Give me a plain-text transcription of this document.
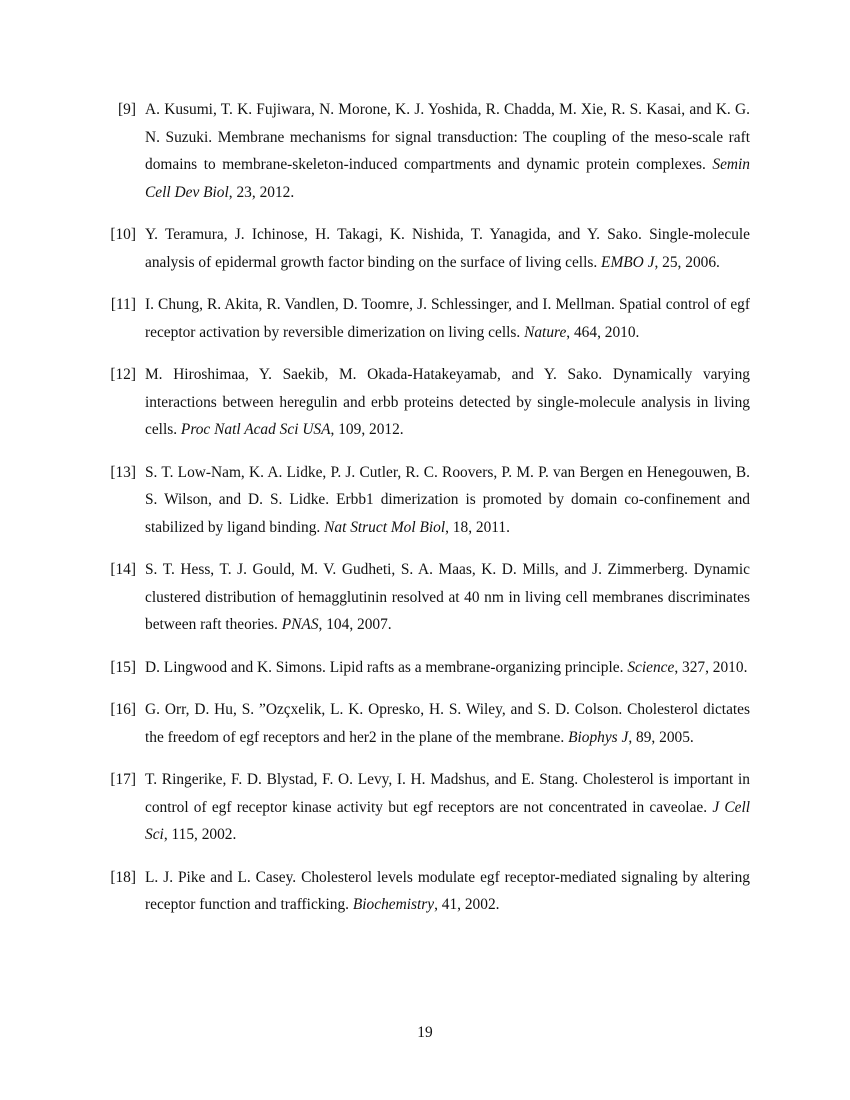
[9] A. Kusumi, T. K. Fujiwara, N. Morone, K. J. Yoshida, R. Chadda, M. Xie, R. S. Kasai, and K. G. N. Suzuki. Membrane mechanisms for signal transduction: The coupling of the meso-scale raft domains to membrane-skeleton-induced compartments and dynamic protein complexes. Semin Cell Dev Biol, 23, 2012.
[10] Y. Teramura, J. Ichinose, H. Takagi, K. Nishida, T. Yanagida, and Y. Sako. Single-molecule analysis of epidermal growth factor binding on the surface of living cells. EMBO J, 25, 2006.
[11] I. Chung, R. Akita, R. Vandlen, D. Toomre, J. Schlessinger, and I. Mellman. Spatial control of egf receptor activation by reversible dimerization on living cells. Nature, 464, 2010.
[12] M. Hiroshimaa, Y. Saekib, M. Okada-Hatakeyamab, and Y. Sako. Dynamically varying interactions between heregulin and erbb proteins detected by single-molecule analysis in living cells. Proc Natl Acad Sci USA, 109, 2012.
[13] S. T. Low-Nam, K. A. Lidke, P. J. Cutler, R. C. Roovers, P. M. P. van Bergen en Henegouwen, B. S. Wilson, and D. S. Lidke. Erbb1 dimerization is promoted by domain co-confinement and stabilized by ligand binding. Nat Struct Mol Biol, 18, 2011.
[14] S. T. Hess, T. J. Gould, M. V. Gudheti, S. A. Maas, K. D. Mills, and J. Zimmerberg. Dynamic clustered distribution of hemagglutinin resolved at 40 nm in living cell membranes discriminates between raft theories. PNAS, 104, 2007.
[15] D. Lingwood and K. Simons. Lipid rafts as a membrane-organizing principle. Science, 327, 2010.
[16] G. Orr, D. Hu, S. ”Ozçxelik, L. K. Opresko, H. S. Wiley, and S. D. Colson. Cholesterol dictates the freedom of egf receptors and her2 in the plane of the membrane. Biophys J, 89, 2005.
[17] T. Ringerike, F. D. Blystad, F. O. Levy, I. H. Madshus, and E. Stang. Cholesterol is important in control of egf receptor kinase activity but egf receptors are not concentrated in caveolae. J Cell Sci, 115, 2002.
[18] L. J. Pike and L. Casey. Cholesterol levels modulate egf receptor-mediated signaling by altering receptor function and trafficking. Biochemistry, 41, 2002.
19
